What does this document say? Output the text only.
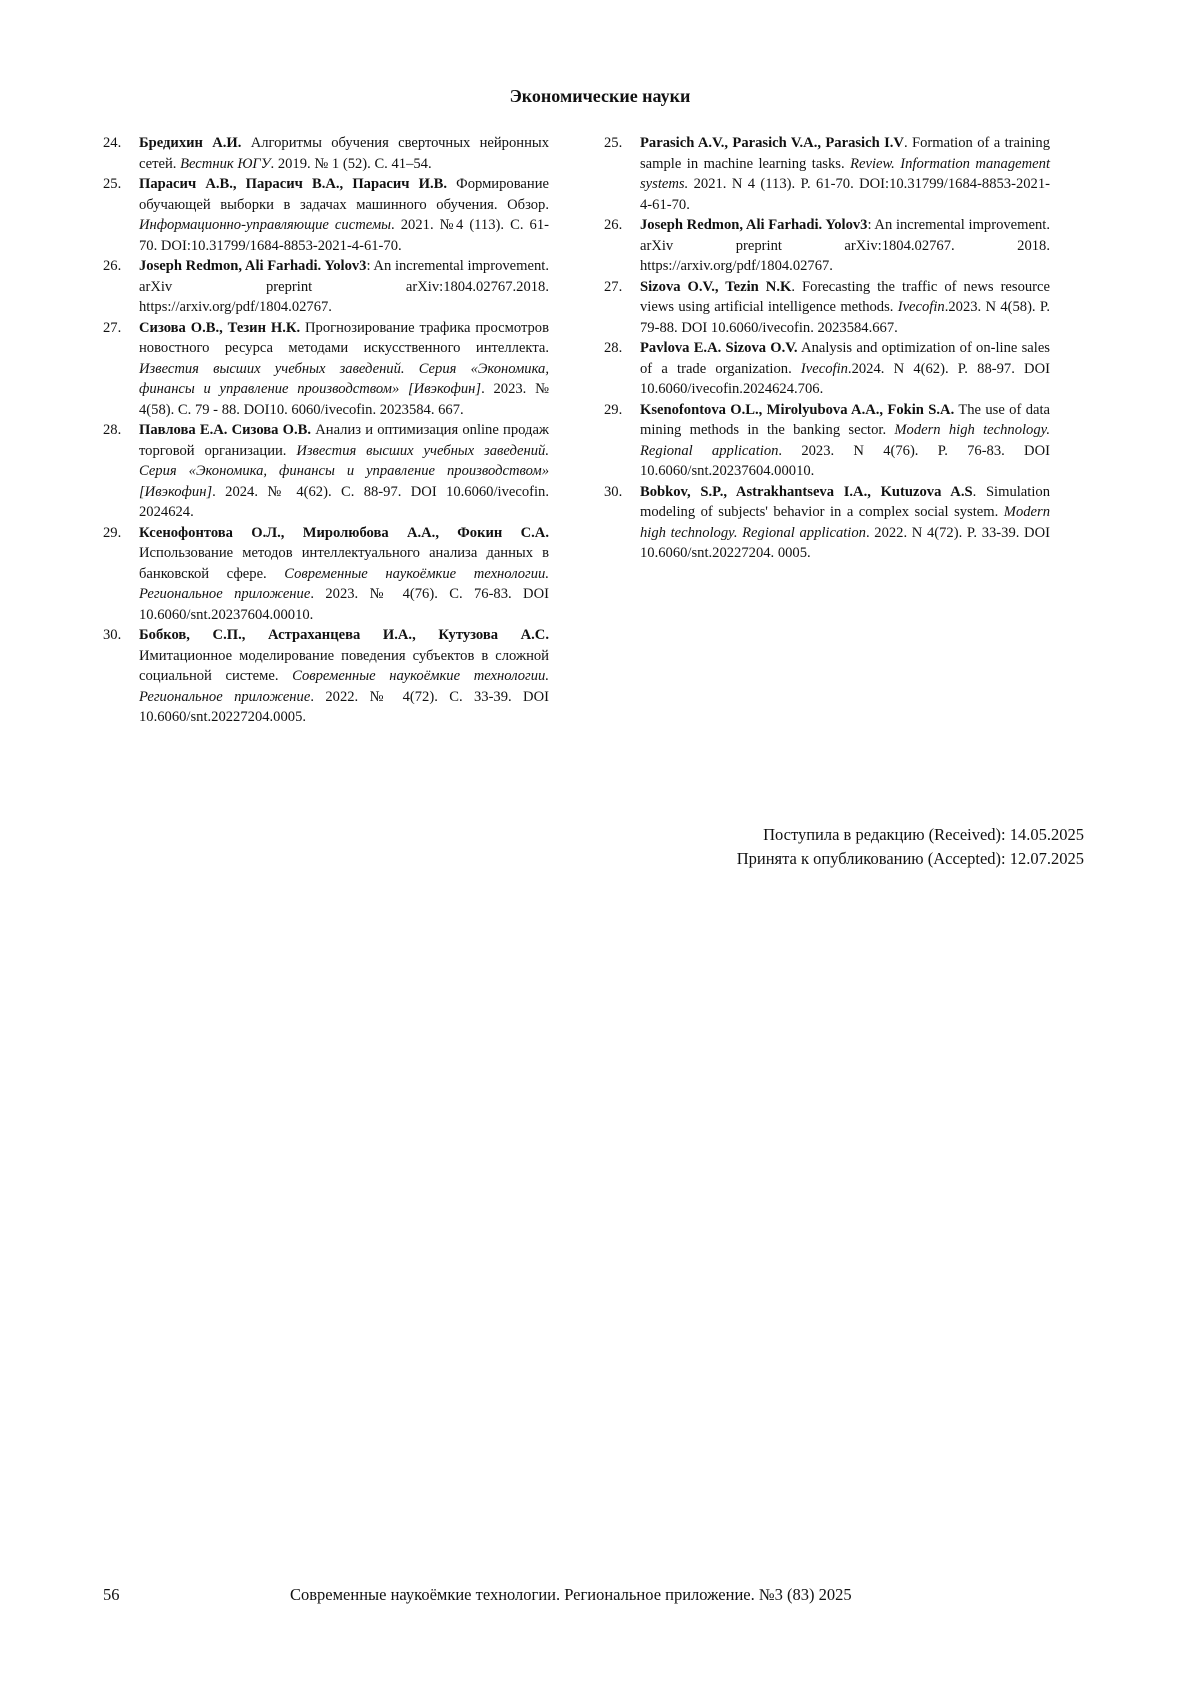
Экономические науки
24.	Бредихин А.И. Алгоритмы обучения сверточных нейронных сетей. Вестник ЮГУ. 2019. № 1 (52). С. 41–54.
25.	Парасич А.В., Парасич В.А., Парасич И.В. Формирование обучающей выборки в задачах машинного обучения. Обзор. Информационно-управляющие системы. 2021. №4 (113). С. 61-70. DOI:10.31799/1684-8853-2021-4-61-70.
26.	Joseph Redmon, Ali Farhadi. Yolov3: An incremental improvement. arXiv preprint arXiv:1804.02767.2018. https://arxiv.org/pdf/1804.02767.
27.	Сизова О.В., Тезин Н.К. Прогнозирование трафика просмотров новостного ресурса методами искусственного интеллекта. Известия высших учебных заведений. Серия «Экономика, финансы и управление производством» [Ивэкофин]. 2023. № 4(58). С. 79 - 88. DOI10. 6060/ivecofin. 2023584. 667.
28.	Павлова Е.А. Сизова О.В. Анализ и оптимизация online продаж торговой организации. Известия высших учебных заведений. Серия «Экономика, финансы и управление производством» [Ивэкофин]. 2024. № 4(62). С. 88-97. DOI 10.6060/ivecofin. 2024624.
29.	Ксенофонтова О.Л., Миролюбова А.А., Фокин С.А. Использование методов интеллектуального анализа данных в банковской сфере. Современные наукоёмкие технологии. Региональное приложение. 2023. № 4(76). С. 76-83. DOI 10.6060/snt.20237604.00010.
30.	Бобков, С.П., Астраханцева И.А., Кутузова А.С. Имитационное моделирование поведения субъектов в сложной социальной системе. Современные наукоёмкие технологии. Региональное приложение. 2022. № 4(72). С. 33-39. DOI 10.6060/snt.20227204.0005.
25.	Parasich A.V., Parasich V.A., Parasich I.V. Formation of a training sample in machine learning tasks. Review. Information management systems. 2021. N 4 (113). P. 61-70. DOI:10.31799/1684-8853-2021-4-61-70.
26.	Joseph Redmon, Ali Farhadi. Yolov3: An incremental improvement. arXiv preprint arXiv:1804.02767. 2018. https://arxiv.org/pdf/1804.02767.
27.	Sizova O.V., Tezin N.K. Forecasting the traffic of news resource views using artificial intelligence methods. Ivecofin.2023. N 4(58). P. 79-88. DOI 10.6060/ivecofin. 2023584.667.
28.	Pavlova E.A. Sizova O.V. Analysis and optimization of on-line sales of a trade organization. Ivecofin.2024. N 4(62). P. 88-97. DOI 10.6060/ivecofin.2024624.706.
29.	Ksenofontova O.L., Mirolyubova A.A., Fokin S.A. The use of data mining methods in the banking sector. Modern high technology. Regional application. 2023. N 4(76). P. 76-83. DOI 10.6060/snt.20237604.00010.
30.	Bobkov, S.P., Astrakhantseva I.A., Kutuzova A.S. Simulation modeling of subjects' behavior in a complex social system. Modern high technology. Regional application. 2022. N 4(72). P. 33-39. DOI 10.6060/snt.20227204. 0005.
Поступила в редакцию (Received): 14.05.2025
Принята к опубликованию (Accepted): 12.07.2025
56	Современные наукоёмкие технологии. Региональное приложение. №3 (83) 2025
